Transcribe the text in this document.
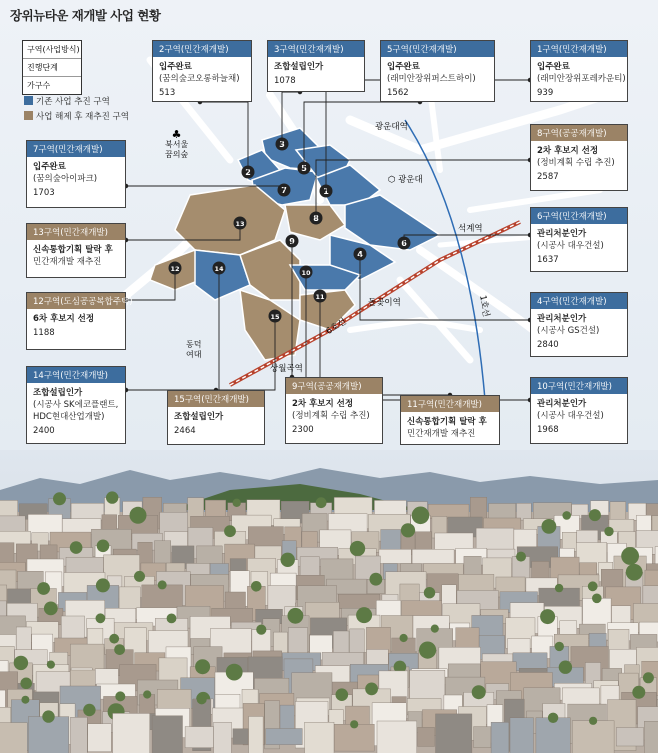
1
2
3
4
5
6
7
8
9
10
11
12
13
14
15
장위뉴타운 재개발 사업 현황
구역(사업방식)
진행단계
가구수
기존 사업 추진 구역
사업 해제 후 재추진 구역
♣
북서울
꿈의숲
⬡ 광운대
광운대역
석계역
돌곶이역
상월곡역
동덕
여대
6호선
1호선
1구역(민간재개발)
입주완료
(래미안장위포레카운티)
939
2구역(민간재개발)
입주완료
(꿈의숲코오롱하늘채)
513
3구역(민간재개발)
조합설립인가
1078
4구역(민간재개발)
관리처분인가
(시공사 GS건설)
2840
5구역(민간재개발)
입주완료
(래미안장위퍼스트하이)
1562
6구역(민간재개발)
관리처분인가
(시공사 대우건설)
1637
7구역(민간재개발)
입주완료
(꿈의숲아이파크)
1703
8구역(공공재개발)
2차 후보지 선정
(정비계획 수립 추진)
2587
9구역(공공재개발)
2차 후보지 선정
(정비계획 수립 추진)
2300
10구역(민간재개발)
관리처분인가
(시공사 대우건설)
1968
11구역(민간재개발)
신속통합기획 탈락 후
민간재개발 재추진
12구역(도심공공복합주택)
6차 후보지 선정
1188
13구역(민간재개발)
신속통합기획 탈락 후
민간재개발 재추진
14구역(민간재개발)
조합설립인가
(시공사 SK에코플랜트,
HDC현대산업개발)
2400
15구역(민간재개발)
조합설립인가
2464
